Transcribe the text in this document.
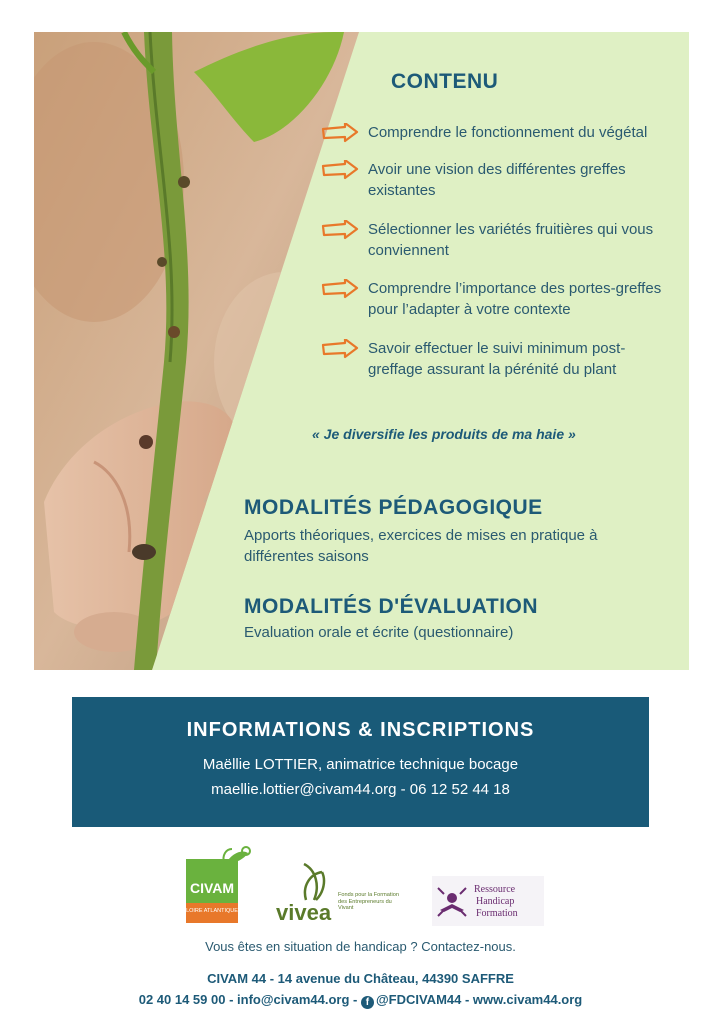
CONTENU
Comprendre le fonctionnement du végétal
Avoir une vision des différentes greffes existantes
Sélectionner les variétés fruitières qui vous conviennent
Comprendre l’importance des portes-greffes pour l’adapter à votre contexte
Savoir effectuer le suivi minimum post-greffage assurant la pérénité du plant
« Je diversifie les produits de ma haie »
MODALITÉS PÉDAGOGIQUE

Apports théoriques, exercices de mises en pratique à différentes saisons

MODALITÉS D'ÉVALUATION

Evaluation orale et écrite (questionnaire)

INFORMATIONS & INSCRIPTIONS

Maëllie LOTTIER, animatrice technique bocage

maellie.lottier@civam44.org - 06 12 52 44 18

CIVAM
LOIRE ATLANTIQUE vivea
Fonds pour la Formation des Entrepreneurs du Vivant
Ressource
Handicap
Formation
Vous êtes en situation de handicap ? Contactez-nous.
CIVAM 44 - 14 avenue du Château, 44390 SAFFRE
02 40 14 59 00 - info@civam44.org - f @FDCIVAM44 - www.civam44.org
